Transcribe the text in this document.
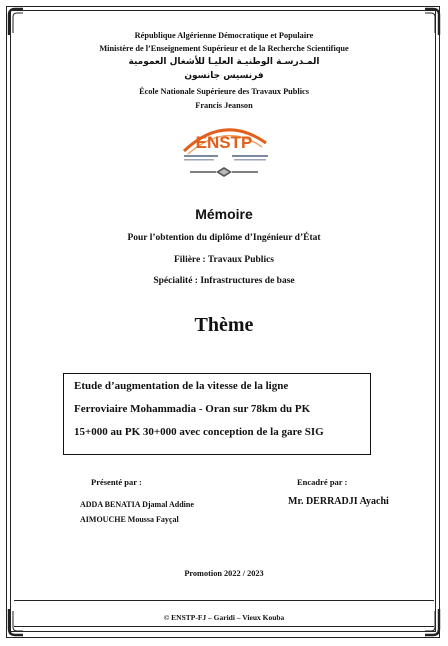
République Algérienne Démocratique et Populaire
Ministère de l’Enseignement Supérieur et de la Recherche Scientifique
المـدرسـة الوطنيـة العليـا للأشغال العمومية
فرنسيس جانسون
École Nationale Supérieure des Travaux Publics
Francis Jeanson
ENSTP
Mémoire
Pour l’obtention du diplôme d’Ingénieur d’État
Filière : Travaux Publics
Spécialité : Infrastructures de base
Thème
Etude d’augmentation de la vitesse de la ligne
Ferroviaire Mohammadia - Oran sur 78km du PK
15+000 au PK 30+000 avec conception de la gare SIG
Présenté par :
ADDA BENATIA Djamal Addine
AIMOUCHE Moussa Fayçal
Encadré par :
Mr. DERRADJI Ayachi
Promotion 2022 / 2023
© ENSTP-FJ – Garidi – Vieux Kouba
